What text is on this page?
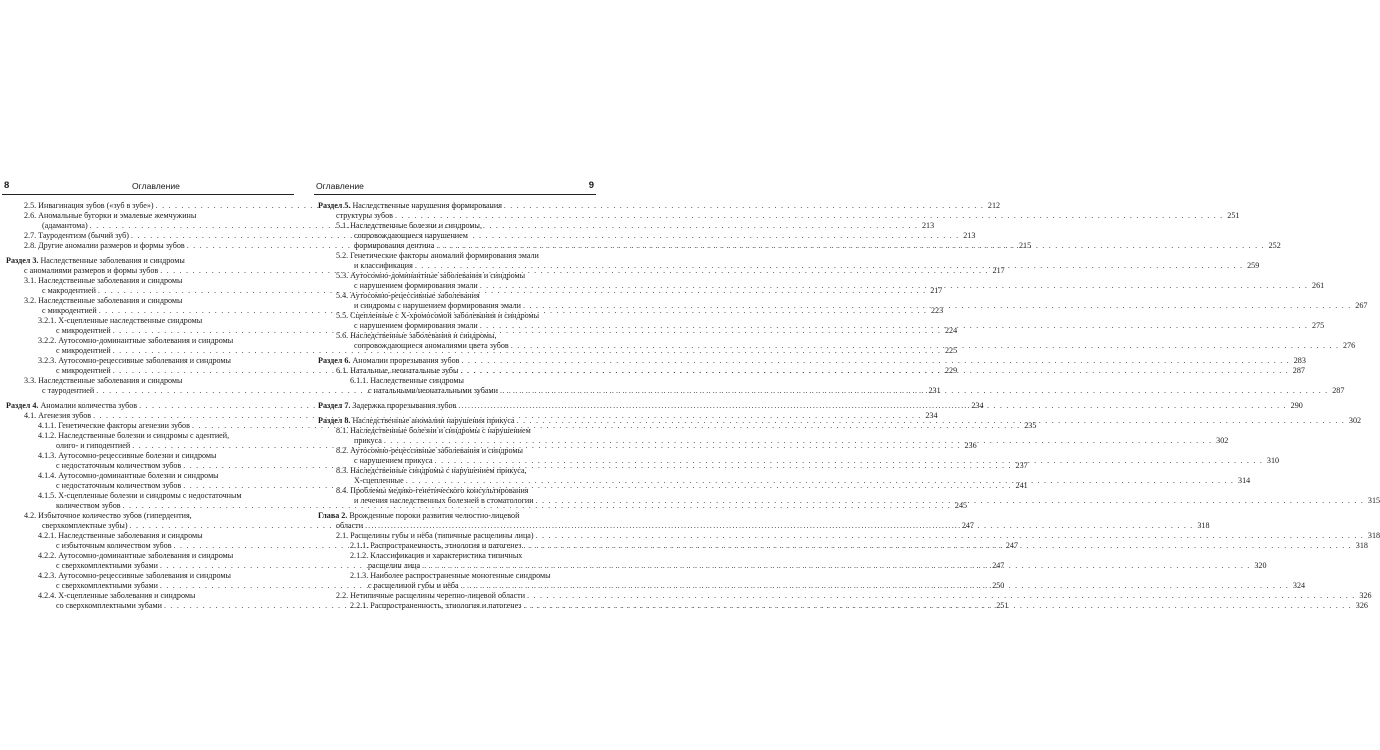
8	Оглавление
2.5. Инвагинация зубов («зуб в зубе») . . .	212
2.6. Аномальные бугорки и эмалевые жемчужины
(адамантома) . . .	213
2.7. Тауродентизм (бычий зуб) . . .	213
2.8. Другие аномалии размеров и формы зубов . . .	215
Раздел 3. Наследственные заболевания и синдромы
с аномалиями размеров и формы зубов . . .	217
3.1. Наследственные заболевания и синдромы
с макродентией . . .	217
3.2. Наследственные заболевания и синдромы
с микродентией . . .	223
3.2.1. Х-сцепленные наследственные синдромы
с микродентией . . .	224
3.2.2. Аутосомно-доминантные заболевания и синдромы
с микродентией . . .	225
3.2.3. Аутосомно-рецессивные заболевания и синдромы
с микродентией . . .	229
3.3. Наследственные заболевания и синдромы
с тауродентией . . .	231
Раздел 4. Аномалии количества зубов . . .	234
4.1. Агенезия зубов . . .	234
4.1.1. Генетические факторы агенезии зубов . . .	235
4.1.2. Наследственные болезни и синдромы с адентией,
олиго- и гиподентией . . .	236
4.1.3. Аутосомно-рецессивные болезни и синдромы
с недостаточным количеством зубов . . .	237
4.1.4. Аутосомно-доминантные болезни и синдромы
с недостаточным количеством зубов . . .	241
4.1.5. Х-сцепленные болезни и синдромы с недостаточным
количеством зубов . . .	245
4.2. Избыточное количество зубов (гипердентия,
сверхкомплектные зубы) . . .	247
4.2.1. Наследственные заболевания и синдромы
с избыточным количеством зубов . . .	247
4.2.2. Аутосомно-доминантные заболевания и синдромы
с сверхкомплектными зубами . . .	247
4.2.3. Аутосомно-рецессивные заболевания и синдромы
с сверхкомплектными зубами . . .	250
4.2.4. Х-сцепленные заболевания и синдромы
со сверхкомплектными зубами . . .	251
Оглавление	9
Раздел 5. Наследственные нарушения формирования
структуры зубов . . .	251
5.1. Наследственные болезни и синдромы,
сопровождающиеся нарушением
формирования дентина . . .	252
5.2. Генетические факторы аномалий формирования эмали
и классификация . . .	259
5.3. Аутосомно-доминантные заболевания и синдромы
с нарушением формирования эмали . . .	261
5.4. Аутосомно-рецессивные заболевания
и синдромы с нарушением формирования эмали . . .	267
5.5. Сцепленные с Х-хромосомой заболевания и синдромы
с нарушением формирования эмали . . .	275
5.6. Наследственные заболевания и синдромы,
сопровождающиеся аномалиями цвета зубов . . .	276
Раздел 6. Аномалии прорезывания зубов . . .	283
6.1. Натальные, неонатальные зубы . . .	287
6.1.1. Наследственные синдромы
с натальными/неонатальными зубами . . .	287
Раздел 7. Задержка прорезывания зубов . . .	290
Раздел 8. Наследственные аномалии нарушения прикуса . . .	302
8.1. Наследственные болезни и синдромы с нарушением
прикуса . . .	302
8.2. Аутосомно-рецессивные заболевания и синдромы
с нарушением прикуса . . .	310
8.3. Наследственные синдромы с нарушением прикуса,
Х-сцепленные . . .	314
8.4. Проблемы медико-генетического консультирования
и лечения наследственных болезней в стоматологии . . .	315
Глава 2. Врожденные пороки развития челюстно-лицевой
области . . .	318
2.1. Расщелины губы и нёба (типичные расщелины лица) . . .	318
2.1.1. Распространенность, этиология и патогенез . . .	318
2.1.2. Классификация и характеристика типичных
расщелин лица . . .	320
2.1.3. Наиболее распространенные моногенные синдромы
с расщелиной губы и нёба . . .	324
2.2. Нетипичные расщелины черепно-лицевой области . . .	326
2.2.1. Распространенность, этиология и патогенез . . .	326
